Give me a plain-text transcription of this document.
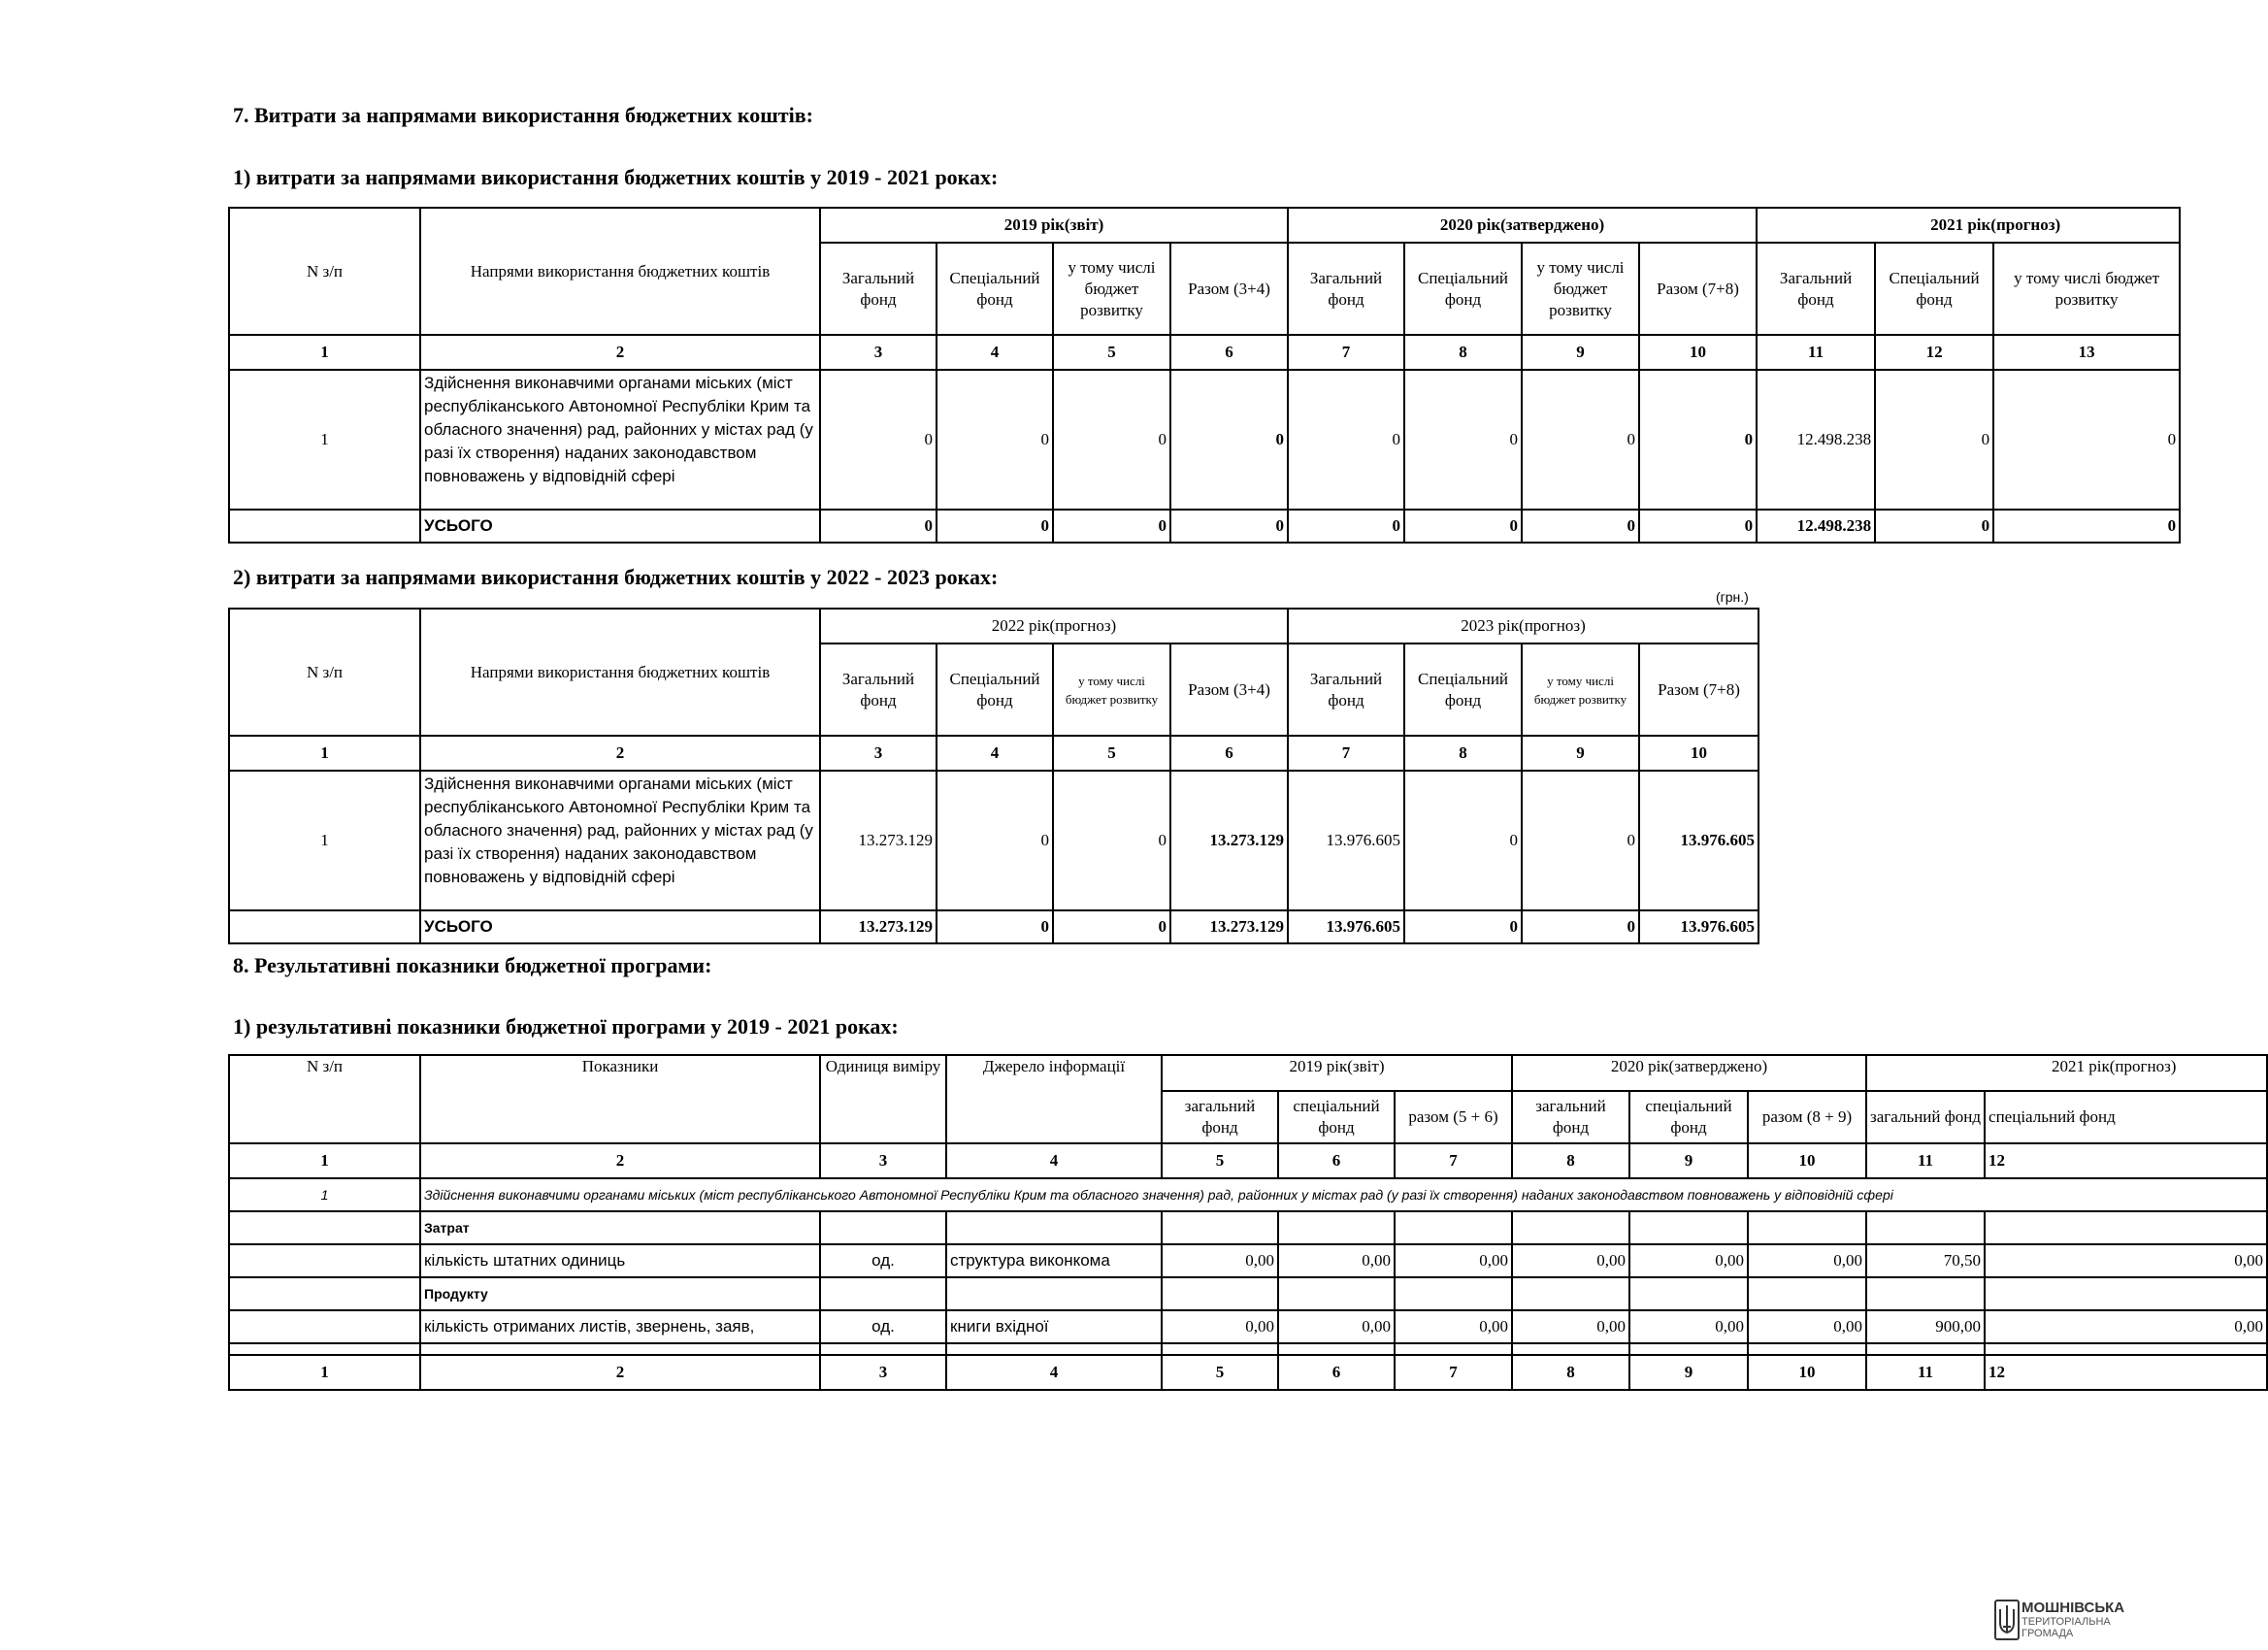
7. Витрати за напрямами використання бюджетних коштів:
1) витрати за напрямами використання бюджетних коштів у 2019 - 2021 роках:
N з/п	Напрями використання бюджетних коштів	2019 рік(звіт)				2020 рік(затверджено)				2021 рік(прогноз)		
		Загальний фонд	Спеціальний фонд	у тому числі бюджет розвитку	Разом (3+4)	Загальний фонд	Спеціальний фонд	у тому числі бюджет розвитку	Разом (7+8)	Загальний фонд	Спеціальний фонд	у тому числі бюджет розвитку
1	2	3	4	5	6	7	8	9	10	11	12	13
1	Здійснення виконавчими органами міських (міст республіканського Автономної Республіки Крим та обласного значення) рад, районних у містах рад (у разі їх створення) наданих законодавством повноважень у відповідній сфері	0	0	0	0	0	0	0	0	12.498.238	0	0
	УСЬОГО	0	0	0	0	0	0	0	0	12.498.238	0	0
2) витрати за напрямами використання бюджетних коштів у 2022 - 2023 роках:
(грн.)
N з/п	Напрями використання бюджетних коштів	2022 рік(прогноз)				2023 рік(прогноз)			
		Загальний фонд	Спеціальний фонд	у тому числі бюджет розвитку	Разом (3+4)	Загальний фонд	Спеціальний фонд	у тому числі бюджет розвитку	Разом (7+8)
1	2	3	4	5	6	7	8	9	10
1	Здійснення виконавчими органами міських (міст республіканського Автономної Республіки Крим та обласного значення) рад, районних у містах рад (у разі їх створення) наданих законодавством повноважень у відповідній сфері	13.273.129	0	0	13.273.129	13.976.605	0	0	13.976.605
	УСЬОГО	13.273.129	0	0	13.273.129	13.976.605	0	0	13.976.605
8. Результативні показники бюджетної програми:
1) результативні показники бюджетної програми у 2019 - 2021 роках:
N з/п	Показники	Одиниця виміру	Джерело інформації	2019 рік(звіт)			2020 рік(затверджено)			2021 рік(прогноз)	
				загальний фонд	спеціальний фонд	разом (5 + 6)	загальний фонд	спеціальний фонд	разом (8 + 9)	загальний фонд	спеціальний фонд
1	2	3	4	5	6	7	8	9	10	11	12
1	Здійснення виконавчими органами міських (міст республіканського Автономної Республіки Крим та обласного значення) рад, районних у містах рад (у разі їх створення) наданих законодавством повноважень у відповідній сфері										
	Затрат										
	кількість штатних одиниць	од.	структура виконкома	0,00	0,00	0,00	0,00	0,00	0,00	70,50	0,00
	Продукту										
	кількість отриманих листів, звернень, заяв,	од.	книги вхідної	0,00	0,00	0,00	0,00	0,00	0,00	900,00	0,00

1	2	3	4	5	6	7	8	9	10	11	12
МОШНІВСЬКА
ТЕРИТОРІАЛЬНА
ГРОМАДА
